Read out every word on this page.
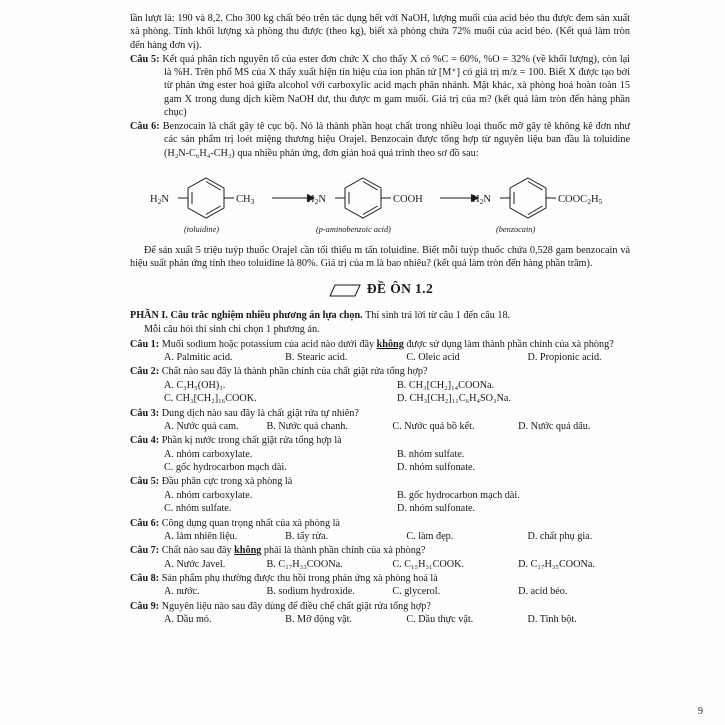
lần lượt là: 190 và 8,2. Cho 300 kg chất béo trên tác dụng hết với NaOH, lượng muối của acid béo thu được đem sản xuất xà phòng. Tính khối lượng xà phòng thu được (theo kg), biết xà phòng chứa 72% muối của acid béo. (Kết quả làm tròn đến hàng đơn vị).

Câu 5: Kết quả phân tích nguyên tố của ester đơn chức X cho thấy X có %C = 60%, %O = 32% (về khối lượng), còn lại là %H. Trên phổ MS của X thấy xuất hiện tín hiệu của ion phân tử [M⁺] có giá trị m/z = 100. Biết X được tạo bởi từ phản ứng ester hoá giữa alcohol với carboxylic acid mạch phân nhánh. Mặt khác, xà phòng hoá hoàn toàn 15 gam X trong dung dịch kiềm NaOH dư, thu được m gam muối. Giá trị của m? (kết quả làm tròn đến hàng phần chục)

Câu 6: Benzocain là chất gây tê cục bộ. Nó là thành phần hoạt chất trong nhiều loại thuốc mỡ gây tê không kê đơn như các sản phẩm trị loét miệng thương hiệu Orajel. Benzocain được tổng hợp từ nguyên liệu ban đầu là toluidine (H₂N-C₆H₄-CH₃) qua nhiều phản ứng, đơn giản hoá quá trình theo sơ đồ sau:

H2N	CH3	H2N	COOH	H2N	COOC2H5
(toluidine)	(p-aminobenzoic acid)	(benzocain)

Để sản xuất 5 triệu tuýp thuốc Orajel cần tối thiểu m tấn toluidine. Biết mỗi tuýp thuốc chứa 0,528 gam benzocain và hiệu suất phản ứng tính theo toluidine là 80%. Giá trị của m là bao nhiêu? (kết quả làm tròn đến hàng phần trăm).

ĐỀ ÔN 1.2

PHẦN I. Câu trắc nghiệm nhiều phương án lựa chọn. Thí sinh trả lời từ câu 1 đến câu 18.

Mỗi câu hỏi thí sinh chỉ chọn 1 phương án.

Câu 1: Muối sodium hoặc potassium của acid nào dưới đây không được sử dụng làm thành phần chính của xà phòng?

A. Palmitic acid.	B. Stearic acid.	C. Oleic acid	D. Propionic acid.

Câu 2: Chất nào sau đây là thành phần chính của chất giặt rửa tổng hợp?

A. C₃H₅(OH)₃.	B. CH₃[CH₂]₁₄COONa.

C. CH₃[CH₂]₁₆COOK.	D. CH₃[CH₂]₁₁C₆H₄SO₃Na.

Câu 3: Dung dịch nào sau đây là chất giặt rửa tự nhiên?

A. Nước quả cam.	B. Nước quả chanh.	C. Nước quả bồ kết.	D. Nước quả dâu.

Câu 4: Phần kị nước trong chất giặt rửa tổng hợp là

A. nhóm carboxylate.	B. nhóm sulfate.

C. gốc hydrocarbon mạch dài.	D. nhóm sulfonate.

Câu 5: Đầu phân cực trong xà phòng là

A. nhóm carboxylate.	B. gốc hydrocarbon mạch dài.

C. nhóm sulfate.	D. nhóm sulfonate.

Câu 6: Công dụng quan trọng nhất của xà phòng là

A. làm nhiên liệu.	B. tẩy rửa.	C. làm đẹp.	D. chất phụ gia.

Câu 7: Chất nào sau đây không phải là thành phần chính của xà phòng?

A. Nước Javel.	B. C₁₇H₃₃COONa.	C. C₁₅H₃₁COOK.	D. C₁₇H₃₅COONa.

Câu 8: Sản phẩm phụ thường được thu hồi trong phản ứng xà phòng hoá là

A. nước.	B. sodium hydroxide.	C. glycerol.	D. acid béo.

Câu 9: Nguyên liệu nào sau đây dùng để điều chế chất giặt rửa tổng hợp?

A. Dầu mỏ.	B. Mỡ động vật.	C. Dầu thực vật.	D. Tinh bột.

9
